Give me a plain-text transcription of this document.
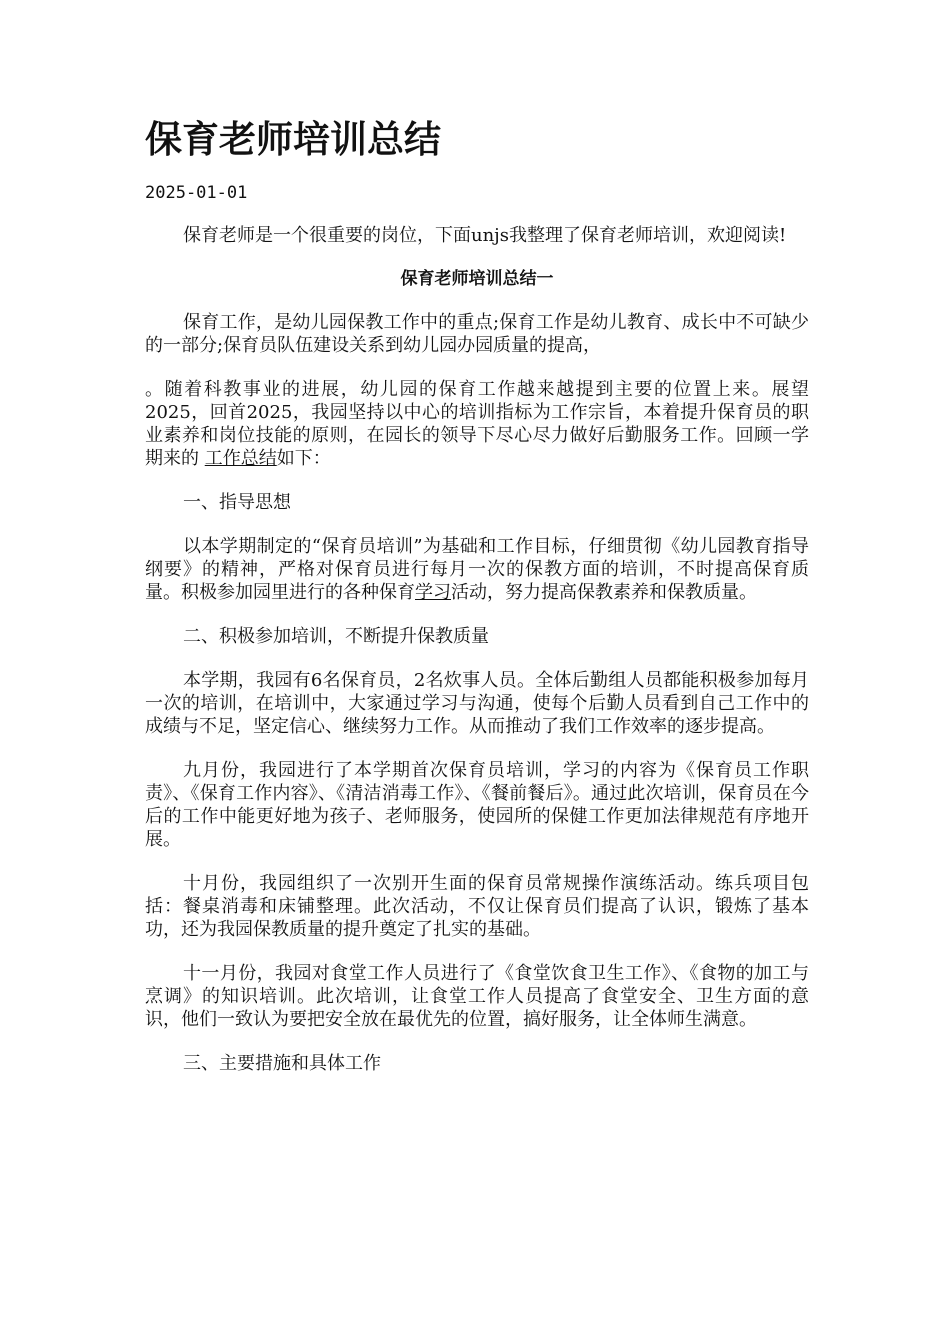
保育老师培训总结
2025-01-01

保育老师是一个很重要的岗位，下面unjs我整理了保育老师培训，欢迎阅读!

保育老师培训总结一

保育工作，是幼儿园保教工作中的重点;保育工作是幼儿教育、成长中不可缺少的一部分;保育员队伍建设关系到幼儿园办园质量的提高，

。随着科教事业的进展，幼儿园的保育工作越来越提到主要的位置上来。展望2025，回首2025，我园坚持以中心的培训指标为工作宗旨，本着提升保育员的职业素养和岗位技能的原则，在园长的领导下尽心尽力做好后勤服务工作。回顾一学期来的 工作总结如下：

一、指导思想

以本学期制定的“保育员培训”为基础和工作目标，仔细贯彻《幼儿园教育指导纲要》的精神，严格对保育员进行每月一次的保教方面的培训，不时提高保育质量。积极参加园里进行的各种保育学习活动，努力提高保教素养和保教质量。

二、积极参加培训，不断提升保教质量

本学期，我园有6名保育员，2名炊事人员。全体后勤组人员都能积极参加每月一次的培训，在培训中，大家通过学习与沟通，使每个后勤人员看到自己工作中的成绩与不足，坚定信心、继续努力工作。从而推动了我们工作效率的逐步提高。

九月份，我园进行了本学期首次保育员培训，学习的内容为《保育员工作职责》、《保育工作内容》、《清洁消毒工作》、《餐前餐后》。通过此次培训，保育员在今后的工作中能更好地为孩子、老师服务，使园所的保健工作更加法律规范有序地开展。

十月份，我园组织了一次别开生面的保育员常规操作演练活动。练兵项目包括：餐桌消毒和床铺整理。此次活动，不仅让保育员们提高了认识，锻炼了基本功，还为我园保教质量的提升奠定了扎实的基础。

十一月份，我园对食堂工作人员进行了《食堂饮食卫生工作》、《食物的加工与烹调》的知识培训。此次培训，让食堂工作人员提高了食堂安全、卫生方面的意识，他们一致认为要把安全放在最优先的位置，搞好服务，让全体师生满意。

三、主要措施和具体工作
